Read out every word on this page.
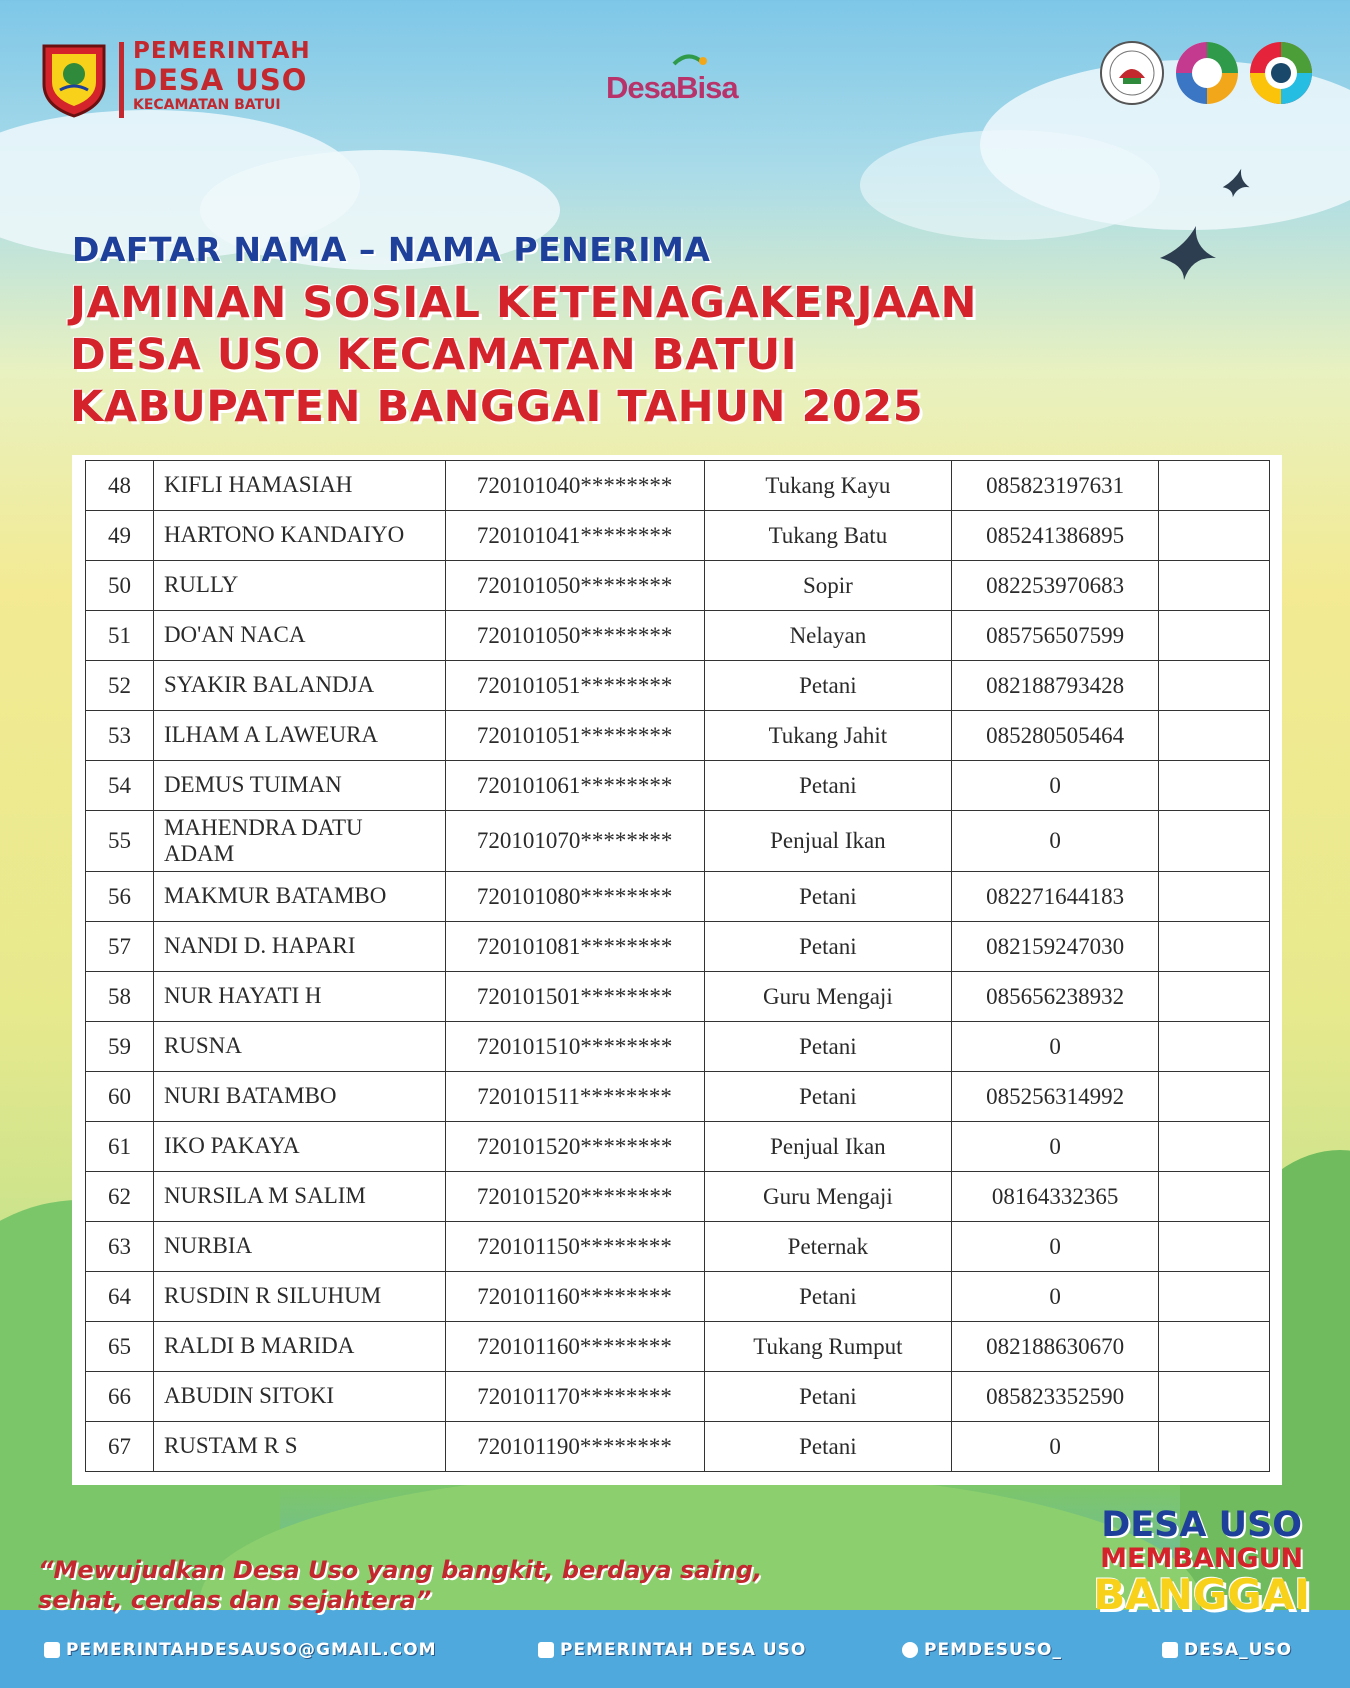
PEMERINTAH
DESA USO
KECAMATAN BATUI	DesaBisa
DAFTAR NAMA – NAMA PENERIMA
JAMINAN SOSIAL KETENAGAKERJAAN
DESA USO KECAMATAN BATUI
KABUPATEN BANGGAI TAHUN 2025
48	KIFLI HAMASIAH	720101040********	Tukang Kayu	085823197631	
49	HARTONO KANDAIYO	720101041********	Tukang Batu	085241386895	
50	RULLY	720101050********	Sopir	082253970683	
51	DO'AN NACA	720101050********	Nelayan	085756507599	
52	SYAKIR BALANDJA	720101051********	Petani	082188793428	
53	ILHAM A LAWEURA	720101051********	Tukang Jahit	085280505464	
54	DEMUS TUIMAN	720101061********	Petani	0	
55	MAHENDRA DATU ADAM	720101070********	Penjual Ikan	0	
56	MAKMUR BATAMBO	720101080********	Petani	082271644183	
57	NANDI D. HAPARI	720101081********	Petani	082159247030	
58	NUR HAYATI H	720101501********	Guru Mengaji	085656238932	
59	RUSNA	720101510********	Petani	0	
60	NURI BATAMBO	720101511********	Petani	085256314992	
61	IKO PAKAYA	720101520********	Penjual Ikan	0	
62	NURSILA M SALIM	720101520********	Guru Mengaji	08164332365	
63	NURBIA	720101150********	Peternak	0	
64	RUSDIN R SILUHUM	720101160********	Petani	0	
65	RALDI B MARIDA	720101160********	Tukang Rumput	082188630670	
66	ABUDIN SITOKI	720101170********	Petani	085823352590	
67	RUSTAM R S	720101190********	Petani	0	
“Mewujudkan Desa Uso yang bangkit, berdaya saing,
sehat, cerdas dan sejahtera”
DESA USO
MEMBANGUN
BANGGAI
PEMERINTAHDESAUSO@GMAIL.COM	PEMERINTAH DESA USO	PEMDESUSO_	DESA_USO
